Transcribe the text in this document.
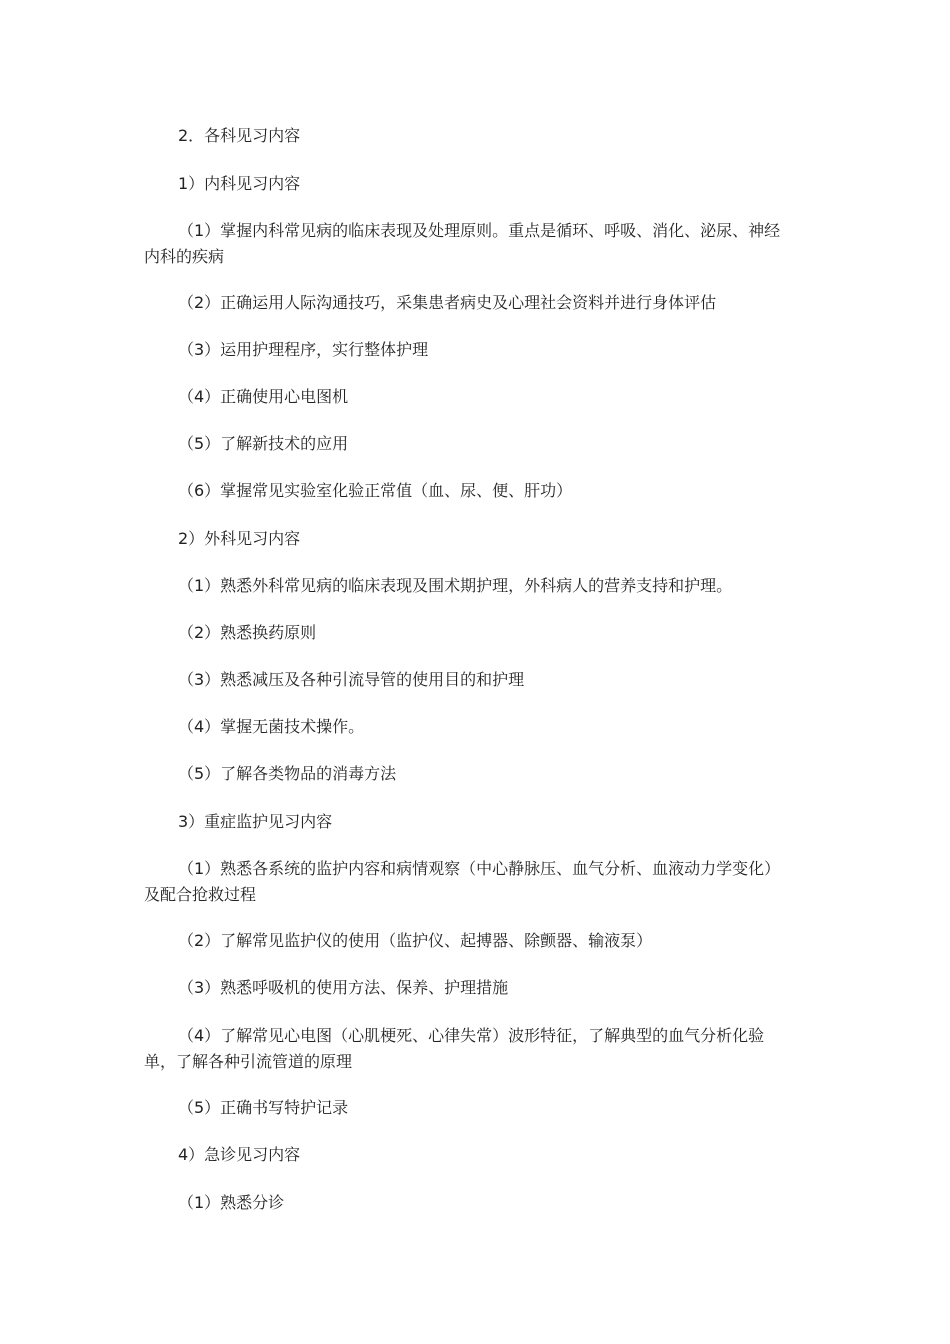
2．各科见习内容

1）内科见习内容

（1）掌握内科常见病的临床表现及处理原则。重点是循环、呼吸、消化、泌尿、神经内科的疾病

（2）正确运用人际沟通技巧，采集患者病史及心理社会资料并进行身体评估

（3）运用护理程序，实行整体护理

（4）正确使用心电图机

（5）了解新技术的应用

（6）掌握常见实验室化验正常值（血、尿、便、肝功）

2）外科见习内容

（1）熟悉外科常见病的临床表现及围术期护理，外科病人的营养支持和护理。

（2）熟悉换药原则

（3）熟悉减压及各种引流导管的使用目的和护理

（4）掌握无菌技术操作。

（5）了解各类物品的消毒方法

3）重症监护见习内容

（1）熟悉各系统的监护内容和病情观察（中心静脉压、血气分析、血液动力学变化）及配合抢救过程

（2）了解常见监护仪的使用（监护仪、起搏器、除颤器、输液泵）

（3）熟悉呼吸机的使用方法、保养、护理措施

（4）了解常见心电图（心肌梗死、心律失常）波形特征，了解典型的血气分析化验单，了解各种引流管道的原理

（5）正确书写特护记录

4）急诊见习内容

（1）熟悉分诊
